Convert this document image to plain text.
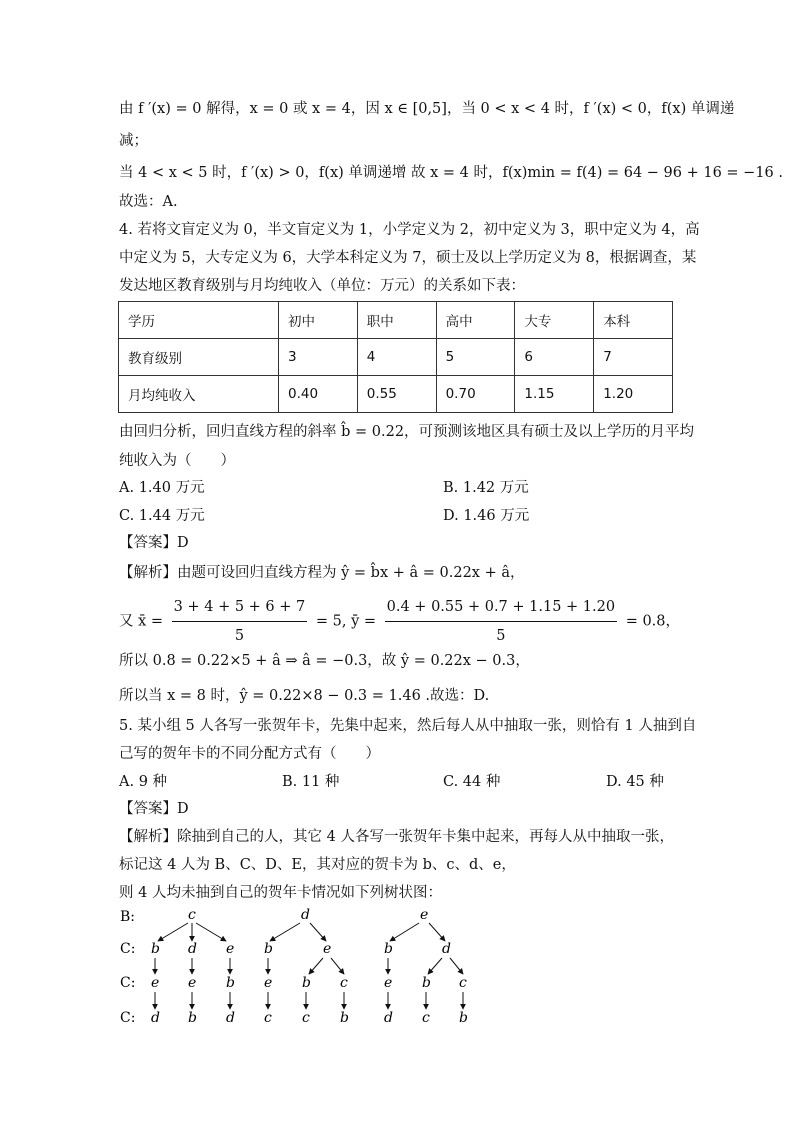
由 f ′(x) = 0 解得，x = 0 或 x = 4，因 x ∈ [0,5]，当 0 < x < 4 时，f ′(x) < 0，f(x) 单调递
减；
当 4 < x < 5 时，f ′(x) > 0，f(x) 单调递增 故 x = 4 时，f(x)min = f(4) = 64 − 96 + 16 = −16 .
故选：A.
4. 若将文盲定义为 0，半文盲定义为 1，小学定义为 2，初中定义为 3，职中定义为 4，高
中定义为 5，大专定义为 6，大学本科定义为 7，硕士及以上学历定义为 8，根据调查，某
发达地区教育级别与月均纯收入（单位：万元）的关系如下表：
学历	初中	职中	高中	大专	本科
教育级别	3	4	5	6	7
月均纯收入	0.40	0.55	0.70	1.15	1.20
由回归分析，回归直线方程的斜率 b̂ = 0.22，可预测该地区具有硕士及以上学历的月平均
纯收入为（　　）
A. 1.40 万元	B. 1.42 万元
C. 1.44 万元	D. 1.46 万元
【答案】D
【解析】由题可设回归直线方程为 ŷ = b̂x + â = 0.22x + â，
又 x̄ = $\frac{3 + 4 + 5 + 6 + 7}{5} = 5$, ȳ = $\frac{0.4 + 0.55 + 0.7 + 1.15 + 1.20}{5} = 0.8$，
所以 0.8 = 0.22×5 + â ⇒ â = −0.3，故 ŷ = 0.22x − 0.3，
所以当 x = 8 时，ŷ = 0.22×8 − 0.3 = 1.46 .故选：D.
5. 某小组 5 人各写一张贺年卡，先集中起来，然后每人从中抽取一张，则恰有 1 人抽到自
己写的贺年卡的不同分配方式有（　　）
A. 9 种	B. 11 种	C. 44 种	D. 45 种
【答案】D
【解析】除抽到自己的人，其它 4 人各写一张贺年卡集中起来，再每人从中抽取一张，
标记这 4 人为 B、C、D、E，其对应的贺卡为 b、c、d、e，
则 4 人均未抽到自己的贺年卡情况如下列树状图：
B:
C:
C:
C:
c	d	e
b d e b	e	b	d
e e b e b c	e b c
d b d c c b	d c b
